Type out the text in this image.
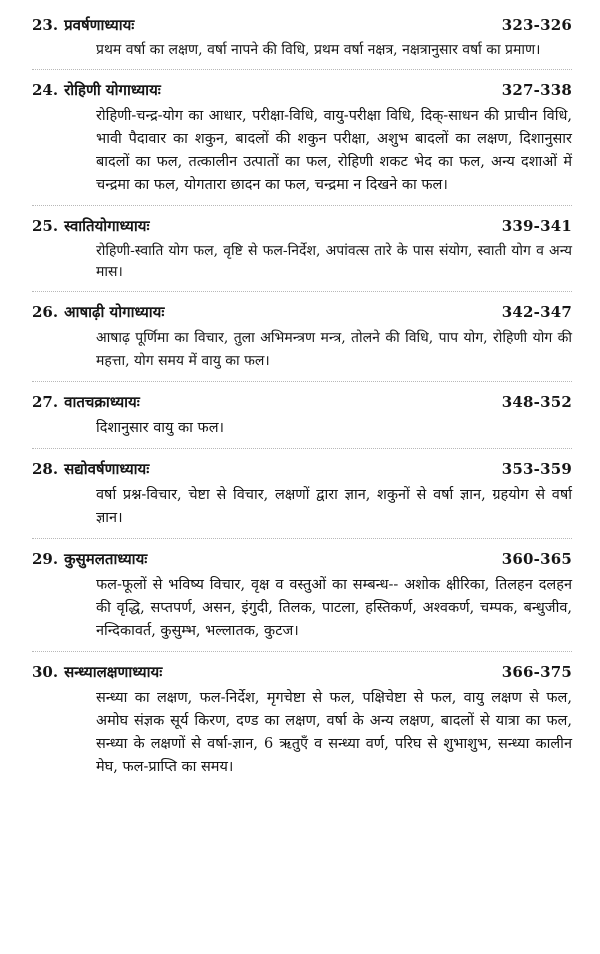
23. प्रवर्षणाध्यायः	323-326
प्रथम वर्षा का लक्षण, वर्षा नापने की विधि, प्रथम वर्षा नक्षत्र, नक्षत्रानुसार वर्षा का प्रमाण।
24. रोहिणी योगाध्यायः	327-338
रोहिणी-चन्द्र-योग का आधार, परीक्षा-विधि, वायु-परीक्षा विधि, दिक्-साधन की प्राचीन विधि, भावी पैदावार का शकुन, बादलों की शकुन परीक्षा, अशुभ बादलों का लक्षण, दिशानुसार बादलों का फल, तत्कालीन उत्पातों का फल, रोहिणी शकट भेद का फल, अन्य दशाओं में चन्द्रमा का फल, योगतारा छादन का फल, चन्द्रमा न दिखने का फल।
25. स्वातियोगाध्यायः	339-341
रोहिणी-स्वाति योग फल, वृष्टि से फल-निर्देश, अपांवत्स तारे के पास संयोग, स्वाती योग व अन्य मास।
26. आषाढ़ी योगाध्यायः	342-347
आषाढ़ पूर्णिमा का विचार, तुला अभिमन्त्रण मन्त्र, तोलने की विधि, पाप योग, रोहिणी योग की महत्ता, योग समय में वायु का फल।
27. वातचक्राध्यायः	348-352
दिशानुसार वायु का फल।
28. सद्योवर्षणाध्यायः	353-359
वर्षा प्रश्न-विचार, चेष्टा से विचार, लक्षणों द्वारा ज्ञान, शकुनों से वर्षा ज्ञान, ग्रहयोग से वर्षा ज्ञान।
29. कुसुमलताध्यायः	360-365
फल-फूलों से भविष्य विचार, वृक्ष व वस्तुओं का सम्बन्ध-- अशोक क्षीरिका, तिलहन दलहन की वृद्धि, सप्तपर्ण, असन, इंगुदी, तिलक, पाटला, हस्तिकर्ण, अश्वकर्ण, चम्पक, बन्धुजीव, नन्दिकावर्त, कुसुम्भ, भल्लातक, कुटज।
30. सन्ध्यालक्षणाध्यायः	366-375
सन्ध्या का लक्षण, फल-निर्देश, मृगचेष्टा से फल, पक्षिचेष्टा से फल, वायु लक्षण से फल, अमोघ संज्ञक सूर्य किरण, दण्ड का लक्षण, वर्षा के अन्य लक्षण, बादलों से यात्रा का फल, सन्ध्या के लक्षणों से वर्षा-ज्ञान, 6 ऋतुएँ व सन्ध्या वर्ण, परिघ से शुभाशुभ, सन्ध्या कालीन मेघ, फल-प्राप्ति का समय।
